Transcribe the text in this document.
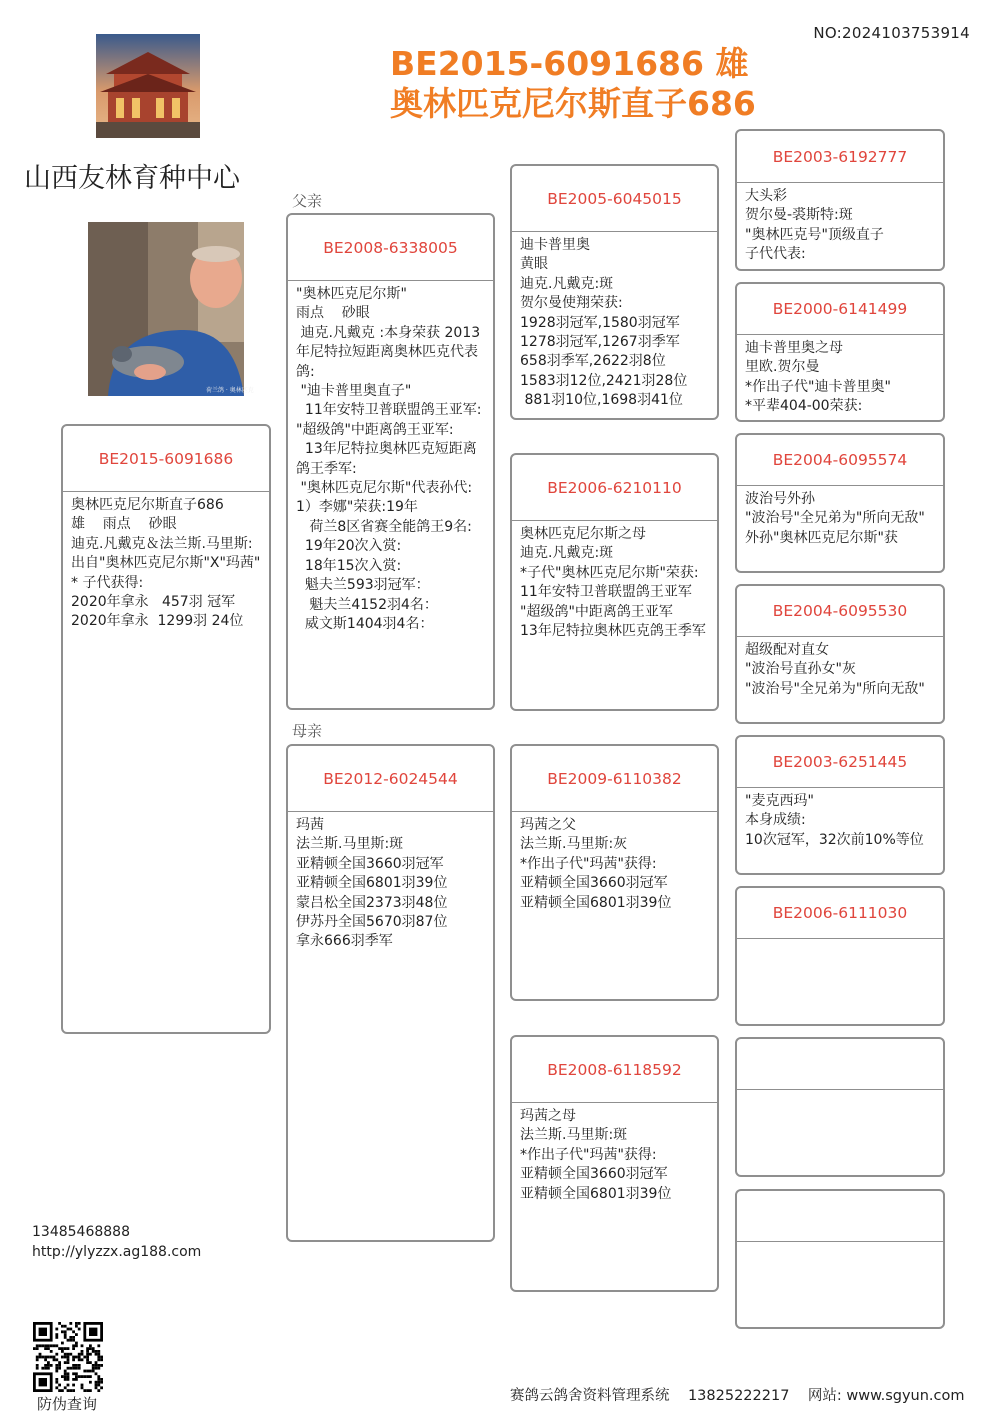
NO:2024103753914
BE2015-6091686 雄
奥林匹克尼尔斯直子686
山西友林育种中心
荷兰鸽 · 奥林匹克
父亲
母亲
BE2015-6091686
奥林匹克尼尔斯直子686
雄    雨点    砂眼
迪克.凡戴克＆法兰斯.马里斯:
出自"奥林匹克尼尔斯"X"玛茜"
* 子代获得:
2020年拿永   457羽 冠军
2020年拿永  1299羽 24位
BE2008-6338005
"奥林匹克尼尔斯"
雨点    砂眼
迪克.凡戴克 :本身荣获 2013年尼特拉短距离奥林匹克代表鸽:
"迪卡普里奥直子"
11年安特卫普联盟鸽王亚军:
"超级鸽"中距离鸽王亚军:
13年尼特拉奥林匹克短距离鸽王季军:
"奥林匹克尼尔斯"代表孙代:
1）李娜"荣获:19年
荷兰8区省赛全能鸽王9名:
19年20次入赏:
18年15次入赏:
魁夫兰593羽冠军：
魁夫兰4152羽4名：
威文斯1404羽4名：
BE2012-6024544
玛茜
法兰斯.马里斯:斑
亚精顿全国3660羽冠军
亚精顿全国6801羽39位
蒙吕松全国2373羽48位
伊苏丹全国5670羽87位
拿永666羽季军
BE2005-6045015
迪卡普里奥
黄眼
迪克.凡戴克:斑
贺尔曼使翔荣获:
1928羽冠军,1580羽冠军
1278羽冠军,1267羽季军
658羽季军,2622羽8位
1583羽12位,2421羽28位
881羽10位,1698羽41位
BE2006-6210110
奥林匹克尼尔斯之母
迪克.凡戴克:斑
*子代"奥林匹克尼尔斯"荣获:
11年安特卫普联盟鸽王亚军
"超级鸽"中距离鸽王亚军
13年尼特拉奥林匹克鸽王季军
BE2009-6110382
玛茜之父
法兰斯.马里斯:灰
*作出子代"玛茜"获得:
亚精顿全国3660羽冠军
亚精顿全国6801羽39位
BE2008-6118592
玛茜之母
法兰斯.马里斯:斑
*作出子代"玛茜"获得:
亚精顿全国3660羽冠军
亚精顿全国6801羽39位
BE2003-6192777
大头彩
贺尔曼-裘斯特:斑
"奥林匹克号"顶级直子
子代代表:
BE2000-6141499
迪卡普里奥之母
里欧.贺尔曼
*作出子代"迪卡普里奥"
*平辈404-00荣获:
BE2004-6095574
波治号外孙
"波治号"全兄弟为"所向无敌"
外孙"奥林匹克尼尔斯"获
BE2004-6095530
超级配对直女
"波治号直孙女"灰
"波治号"全兄弟为"所向无敌"
BE2003-6251445
"麦克西玛"
本身成绩:
10次冠军，32次前10%等位
BE2006-6111030
13485468888
http://ylyzzx.ag188.com
防伪查询	赛鸽云鸽舍资料管理系统 13825222217 网站: www.sgyun.com
